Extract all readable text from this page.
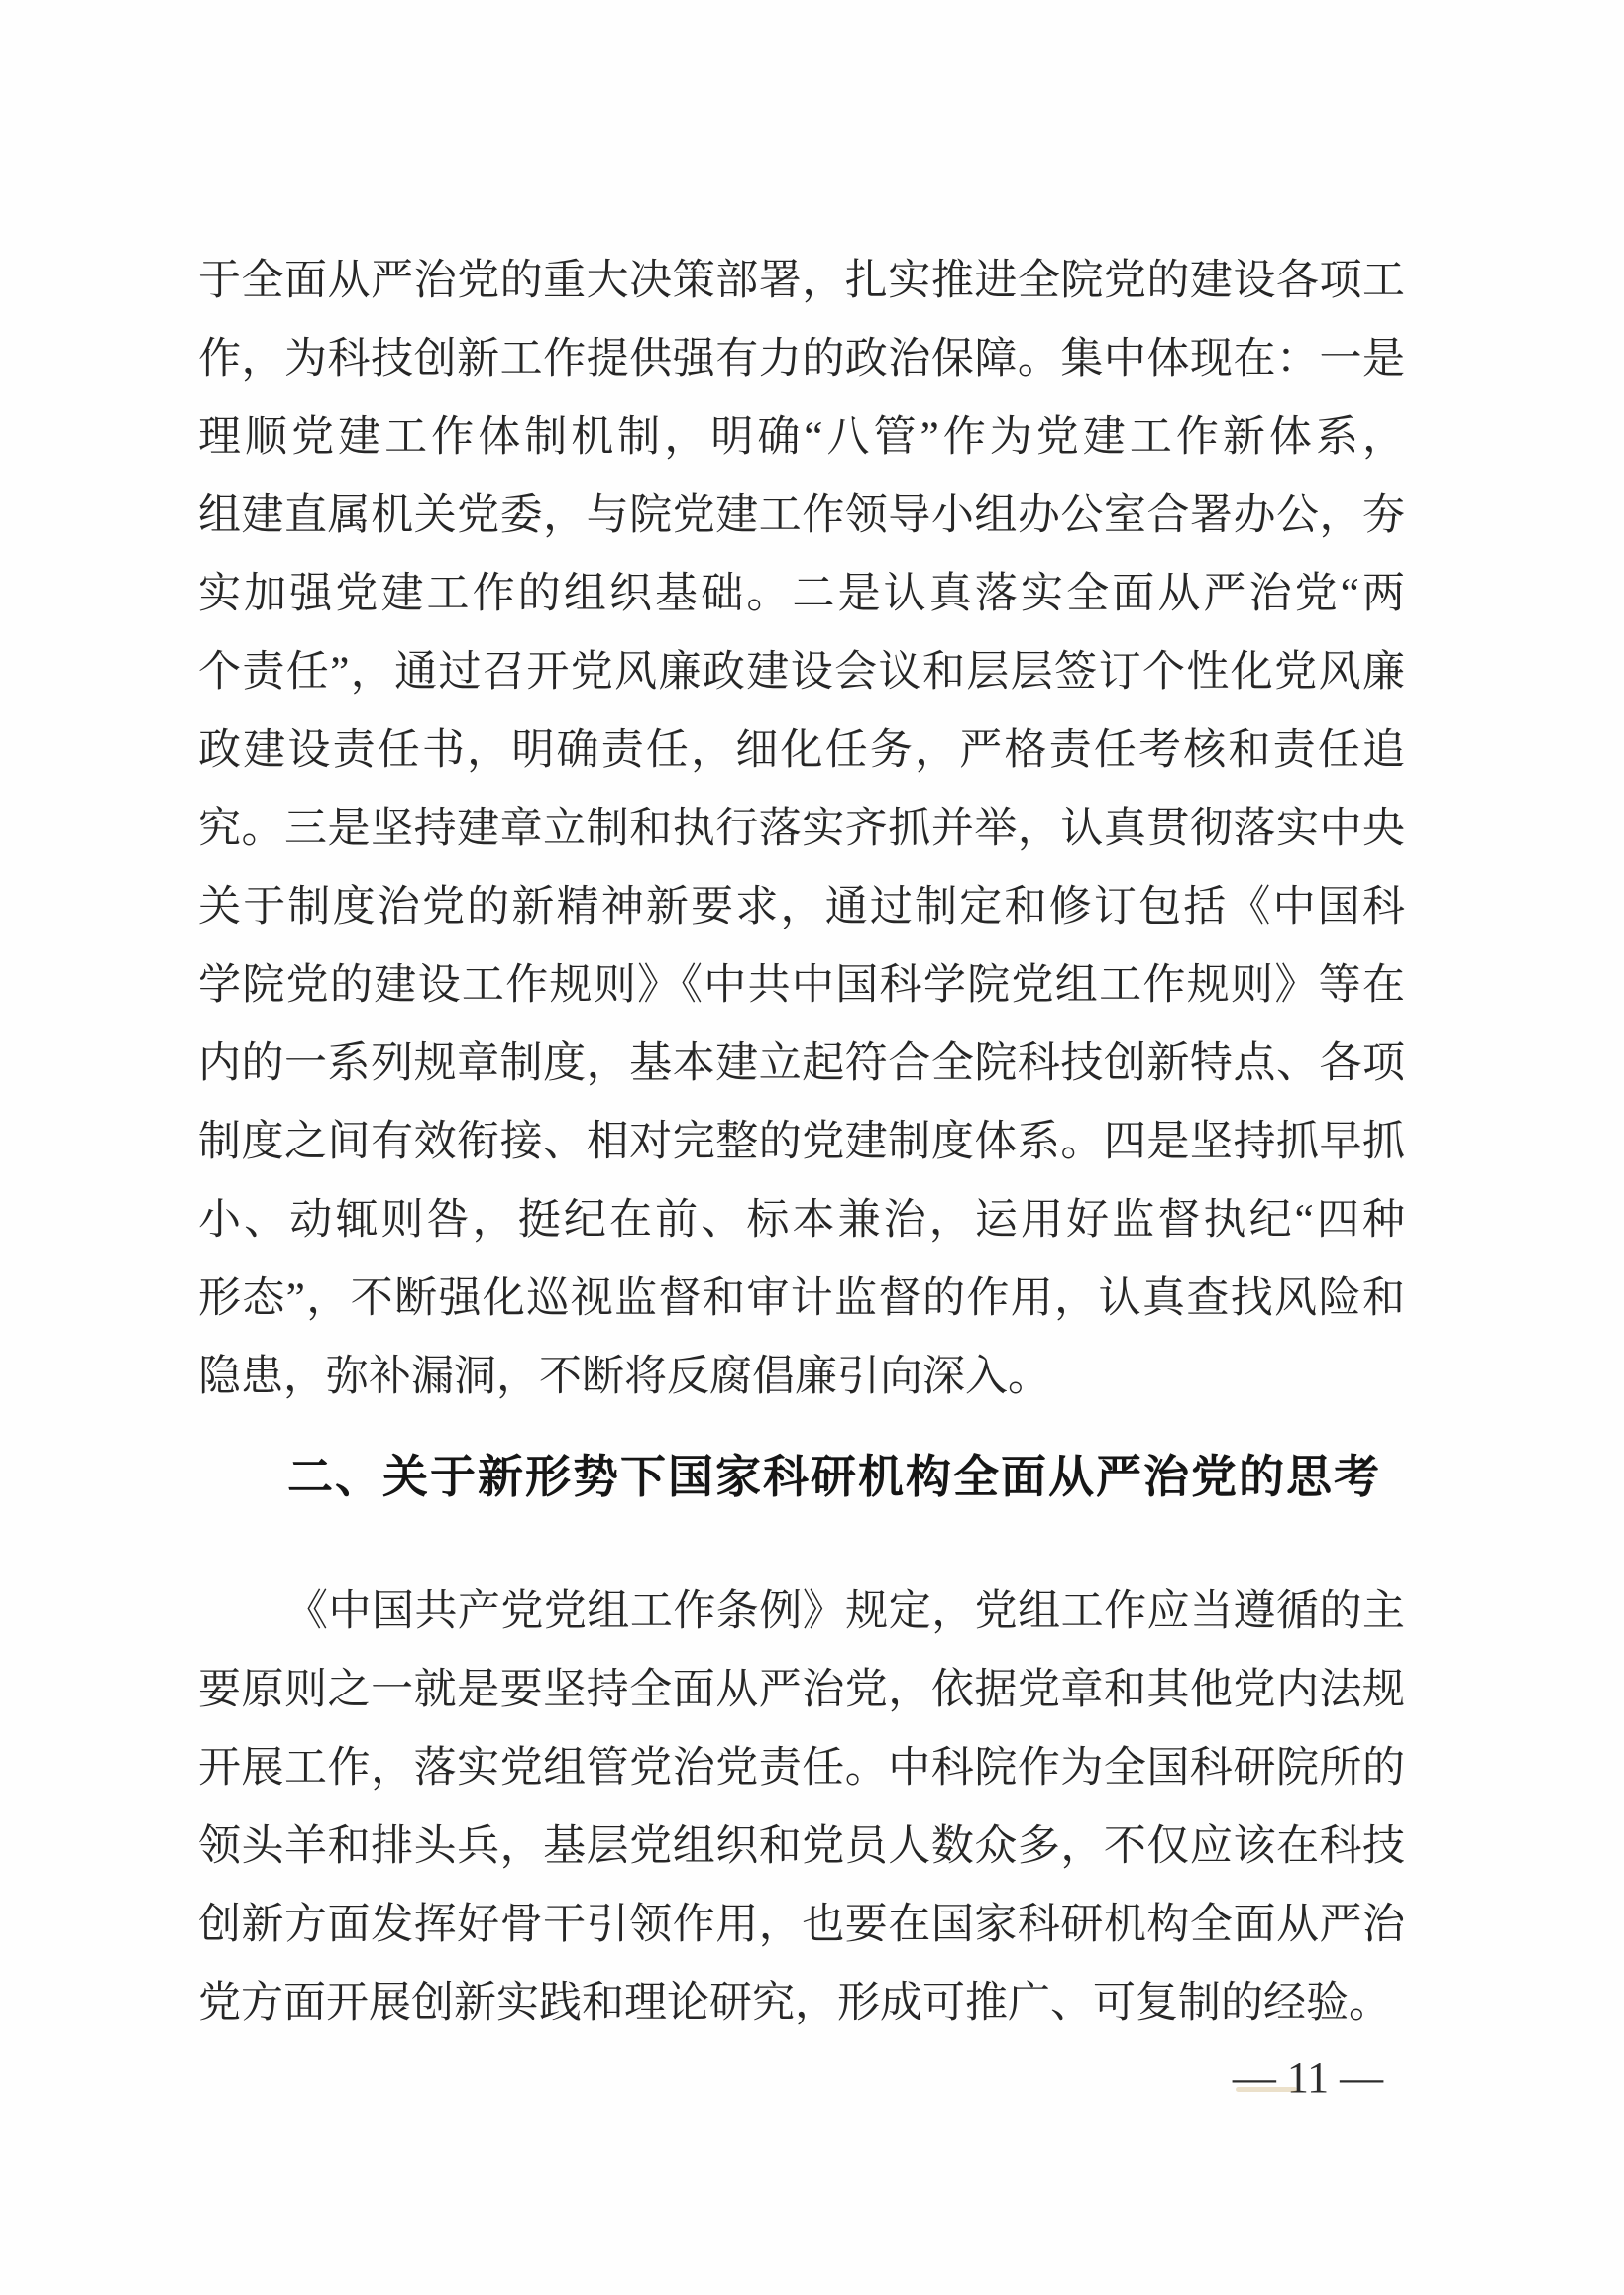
于全面从严治党的重大决策部署，扎实推进全院党的建设各项工
作，为科技创新工作提供强有力的政治保障。集中体现在：一是
理顺党建工作体制机制，明确“八管”作为党建工作新体系，
组建直属机关党委，与院党建工作领导小组办公室合署办公，夯
实加强党建工作的组织基础。二是认真落实全面从严治党“两
个责任”，通过召开党风廉政建设会议和层层签订个性化党风廉
政建设责任书，明确责任，细化任务，严格责任考核和责任追
究。三是坚持建章立制和执行落实齐抓并举，认真贯彻落实中央
关于制度治党的新精神新要求，通过制定和修订包括《中国科
学院党的建设工作规则》《中共中国科学院党组工作规则》等在
内的一系列规章制度，基本建立起符合全院科技创新特点、各项
制度之间有效衔接、相对完整的党建制度体系。四是坚持抓早抓
小、动辄则咎，挺纪在前、标本兼治，运用好监督执纪“四种
形态”，不断强化巡视监督和审计监督的作用，认真查找风险和
隐患，弥补漏洞，不断将反腐倡廉引向深入。
二、关于新形势下国家科研机构全面从严治党的思考
《中国共产党党组工作条例》规定，党组工作应当遵循的主
要原则之一就是要坚持全面从严治党，依据党章和其他党内法规
开展工作，落实党组管党治党责任。中科院作为全国科研院所的
领头羊和排头兵，基层党组织和党员人数众多，不仅应该在科技
创新方面发挥好骨干引领作用，也要在国家科研机构全面从严治
党方面开展创新实践和理论研究，形成可推广、可复制的经验。
— 11 —
